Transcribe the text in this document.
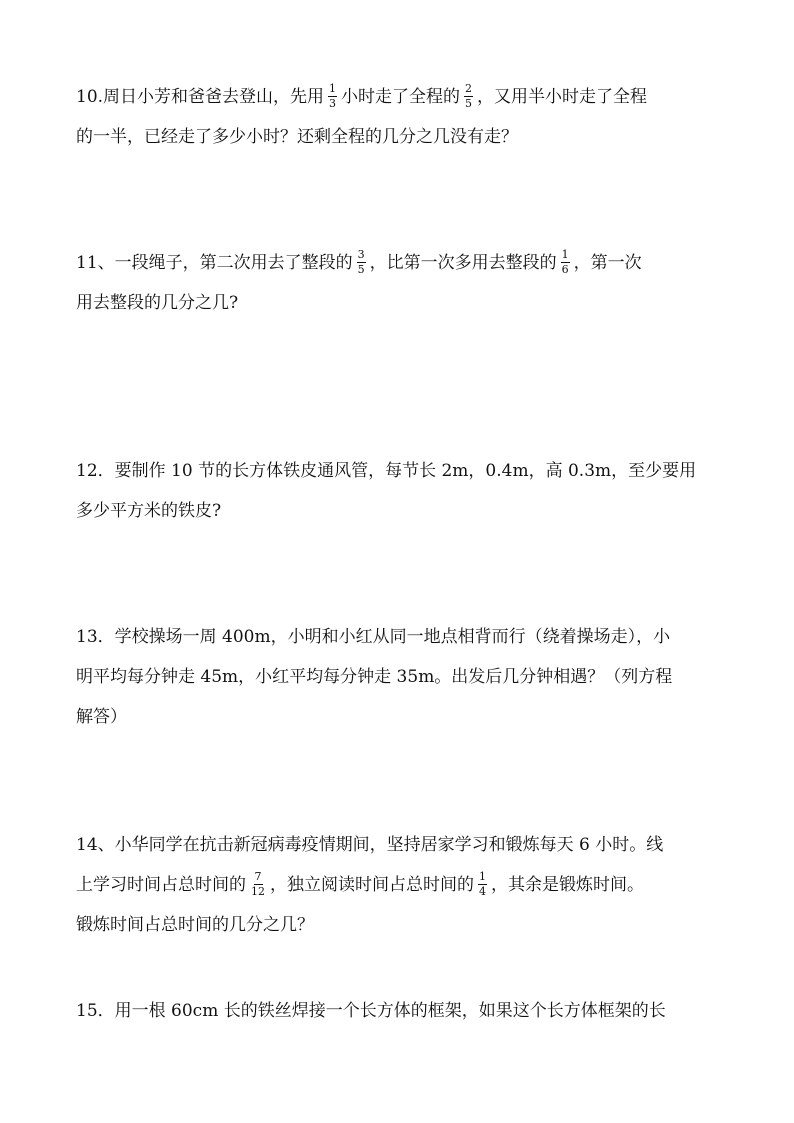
10.周日小芳和爸爸去登山，先用 $\frac{1}{3}$ 小时走了全程的 $\frac{2}{5}$ ，又用半小时走了全程
的一半，已经走了多少小时？还剩全程的几分之几没有走？
11、一段绳子，第二次用去了整段的 $\frac{3}{5}$ ，比第一次多用去整段的 $\frac{1}{6}$ ，第一次
用去整段的几分之几?
12．要制作 10 节的长方体铁皮通风管，每节长 2m，0.4m，高 0.3m，至少要用
多少平方米的铁皮?
13．学校操场一周 400m，小明和小红从同一地点相背而行（绕着操场走），小
明平均每分钟走 45m，小红平均每分钟走 35m。出发后几分钟相遇？（列方程
解答）
14、小华同学在抗击新冠病毒疫情期间，坚持居家学习和锻炼每天 6 小时。线
上学习时间占总时间的 $\frac{7}{12}$ ，独立阅读时间占总时间的 $\frac{1}{4}$ ，其余是锻炼时间。
锻炼时间占总时间的几分之几？
15．用一根 60cm 长的铁丝焊接一个长方体的框架，如果这个长方体框架的长
